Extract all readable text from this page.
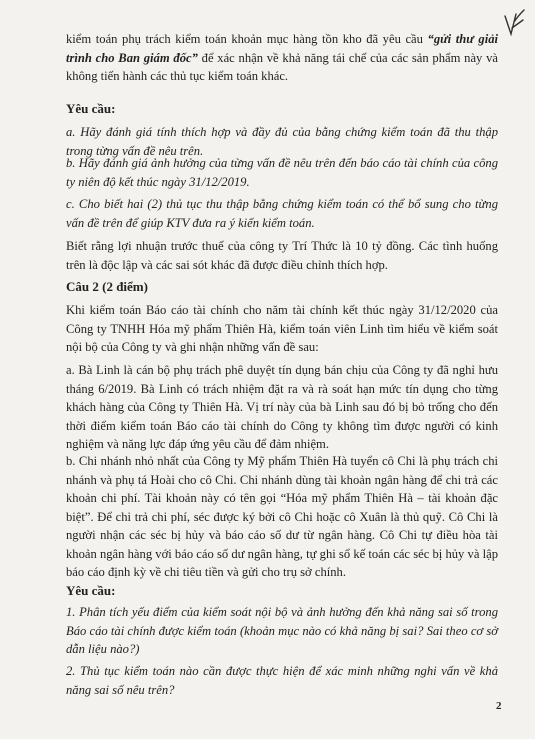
kiểm toán phụ trách kiểm toán khoản mục hàng tồn kho đã yêu cầu “gửi thư giải trình cho Ban giám đốc” để xác nhận về khả năng tái chế của các sản phẩm này và không tiến hành các thủ tục kiểm toán khác.
Yêu cầu:
a. Hãy đánh giá tính thích hợp và đầy đủ của bằng chứng kiểm toán đã thu thập trong từng vấn đề nêu trên.
b. Hãy đánh giá ảnh hưởng của từng vấn đề nêu trên đến báo cáo tài chính của công ty niên độ kết thúc ngày 31/12/2019.
c. Cho biết hai (2) thủ tục thu thập bằng chứng kiểm toán có thể bổ sung cho từng vấn đề trên để giúp KTV đưa ra ý kiến kiểm toán.
Biết rằng lợi nhuận trước thuế của công ty Trí Thức là 10 tỷ đồng. Các tình huống trên là độc lập và các sai sót khác đã được điều chỉnh thích hợp.
Câu 2 (2 điểm)
Khi kiểm toán Báo cáo tài chính cho năm tài chính kết thúc ngày 31/12/2020 của Công ty TNHH Hóa mỹ phẩm Thiên Hà, kiểm toán viên Linh tìm hiểu về kiểm soát nội bộ của Công ty và ghi nhận những vấn đề sau:
a. Bà Linh là cán bộ phụ trách phê duyệt tín dụng bán chịu của Công ty đã nghỉ hưu tháng 6/2019. Bà Linh có trách nhiệm đặt ra và rà soát hạn mức tín dụng cho từng khách hàng của Công ty Thiên Hà. Vị trí này của bà Linh sau đó bị bỏ trống cho đến thời điểm kiểm toán Báo cáo tài chính do Công ty không tìm được người có kinh nghiệm và năng lực đáp ứng yêu cầu để đảm nhiệm.
b. Chi nhánh nhỏ nhất của Công ty Mỹ phẩm Thiên Hà tuyển cô Chi là phụ trách chi nhánh và phụ tá Hoài cho cô Chi. Chi nhánh dùng tài khoản ngân hàng để chi trả các khoản chi phí. Tài khoản này có tên gọi “Hóa mỹ phẩm Thiên Hà – tài khoản đặc biệt”. Để chi trả chi phí, séc được ký bởi cô Chi hoặc cô Xuân là thủ quỹ. Cô Chi là người nhận các séc bị hủy và báo cáo số dư từ ngân hàng. Cô Chi tự điều hòa tài khoản ngân hàng với báo cáo số dư ngân hàng, tự ghi sổ kế toán các séc bị hủy và lập báo cáo định kỳ về chi tiêu tiền và gửi cho trụ sở chính.
Yêu cầu:
1. Phân tích yếu điểm của kiểm soát nội bộ và ảnh hưởng đến khả năng sai số trong Báo cáo tài chính được kiểm toán (khoản mục nào có khả năng bị sai? Sai theo cơ sở dẫn liệu nào?)
2. Thủ tục kiểm toán nào cần được thực hiện để xác minh những nghi vấn về khả năng sai số nêu trên?
2
